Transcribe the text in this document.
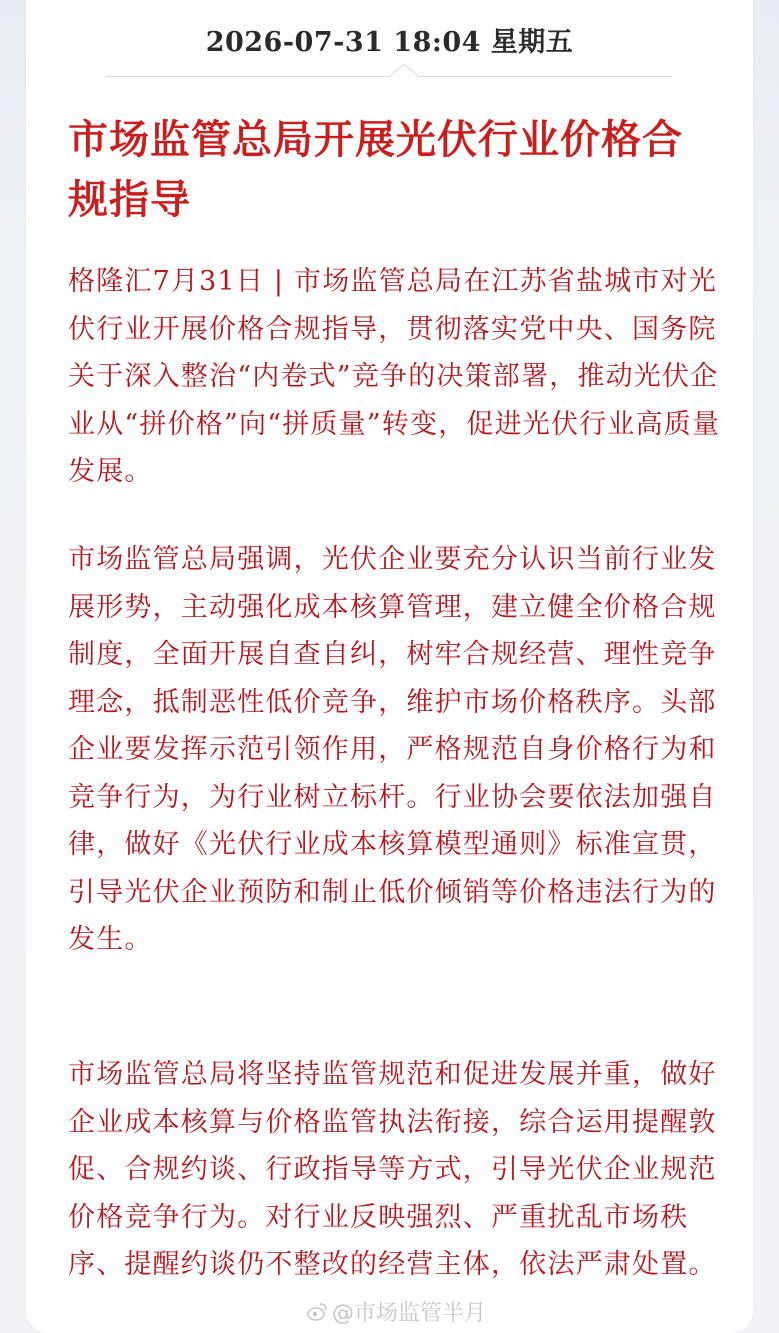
2026-07-31 18:04 星期五
市场监管总局开展光伏行业价格合规指导

格隆汇7月31日 | 市场监管总局在江苏省盐城市对光伏行业开展价格合规指导，贯彻落实党中央、国务院关于深入整治“内卷式”竞争的决策部署，推动光伏企业从“拼价格”向“拼质量”转变，促进光伏行业高质量发展。

市场监管总局强调，光伏企业要充分认识当前行业发展形势，主动强化成本核算管理，建立健全价格合规制度，全面开展自查自纠，树牢合规经营、理性竞争理念，抵制恶性低价竞争，维护市场价格秩序。头部企业要发挥示范引领作用，严格规范自身价格行为和竞争行为，为行业树立标杆。行业协会要依法加强自律，做好《光伏行业成本核算模型通则》标准宣贯，引导光伏企业预防和制止低价倾销等价格违法行为的发生。

市场监管总局将坚持监管规范和促进发展并重，做好企业成本核算与价格监管执法衔接，综合运用提醒敦促、合规约谈、行政指导等方式，引导光伏企业规范价格竞争行为。对行业反映强烈、严重扰乱市场秩序、提醒约谈仍不整改的经营主体，依法严肃处置。

@市场监管半月
